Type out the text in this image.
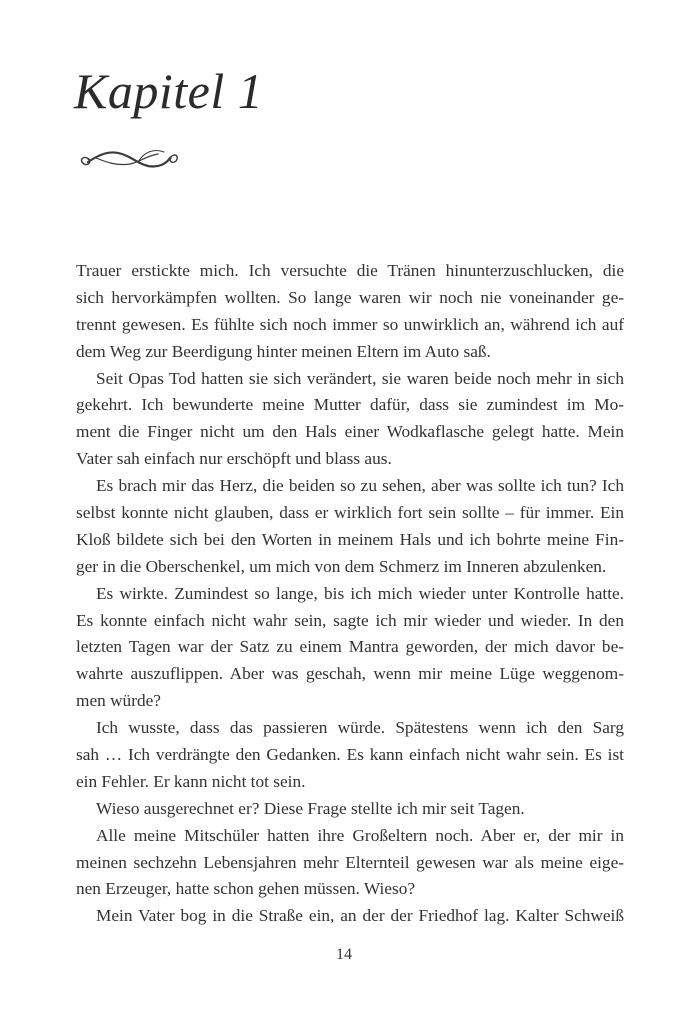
Kapitel 1
Trauer erstickte mich. Ich versuchte die Tränen hinunterzuschlucken, die
sich hervorkämpfen wollten. So lange waren wir noch nie voneinander ge-
trennt gewesen. Es fühlte sich noch immer so unwirklich an, während ich auf
dem Weg zur Beerdigung hinter meinen Eltern im Auto saß.
Seit Opas Tod hatten sie sich verändert, sie waren beide noch mehr in sich
gekehrt. Ich bewunderte meine Mutter dafür, dass sie zumindest im Mo-
ment die Finger nicht um den Hals einer Wodkaflasche gelegt hatte. Mein
Vater sah einfach nur erschöpft und blass aus.
Es brach mir das Herz, die beiden so zu sehen, aber was sollte ich tun? Ich
selbst konnte nicht glauben, dass er wirklich fort sein sollte – für immer. Ein
Kloß bildete sich bei den Worten in meinem Hals und ich bohrte meine Fin-
ger in die Oberschenkel, um mich von dem Schmerz im Inneren abzulenken.
Es wirkte. Zumindest so lange, bis ich mich wieder unter Kontrolle hatte.
Es konnte einfach nicht wahr sein, sagte ich mir wieder und wieder. In den
letzten Tagen war der Satz zu einem Mantra geworden, der mich davor be-
wahrte auszuflippen. Aber was geschah, wenn mir meine Lüge weggenom-
men würde?
Ich wusste, dass das passieren würde. Spätestens wenn ich den Sarg
sah … Ich verdrängte den Gedanken. Es kann einfach nicht wahr sein. Es ist
ein Fehler. Er kann nicht tot sein.
Wieso ausgerechnet er? Diese Frage stellte ich mir seit Tagen.
Alle meine Mitschüler hatten ihre Großeltern noch. Aber er, der mir in
meinen sechzehn Lebensjahren mehr Elternteil gewesen war als meine eige-
nen Erzeuger, hatte schon gehen müssen. Wieso?
Mein Vater bog in die Straße ein, an der der Friedhof lag. Kalter Schweiß
14
